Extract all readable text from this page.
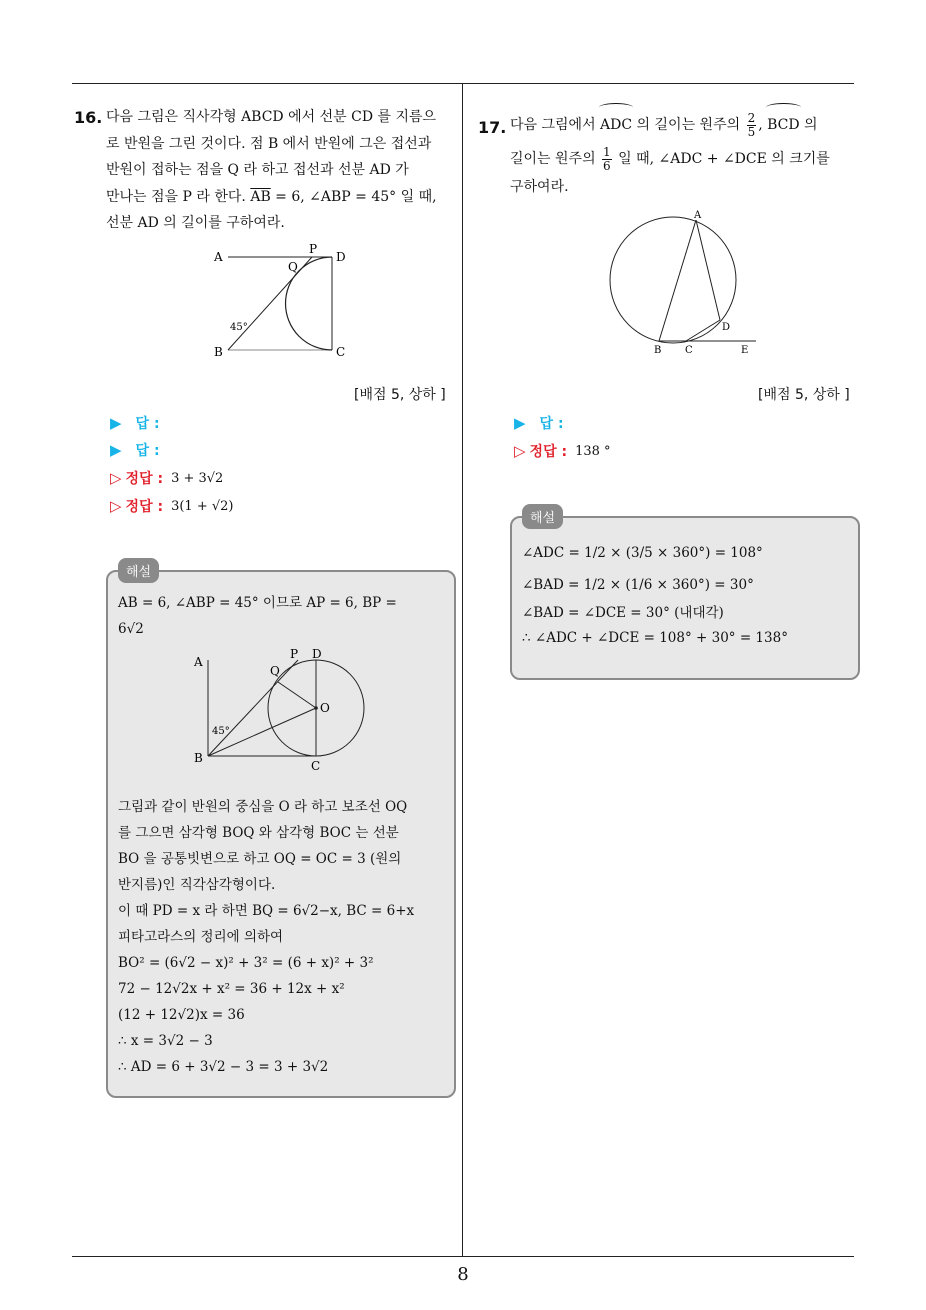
16. 다음 그림은 직사각형 ABCD 에서 선분 CD 를 지름으
로 반원을 그린 것이다. 점 B 에서 반원에 그은 접선과
반원이 접하는 점을 Q 라 하고 접선과 선분 AD 가
만나는 점을 P 라 한다. $\overline{AB} = 6$, ∠ABP = 45° 일 때,
선분 AD 의 길이를 구하여라.
A
P
D
Q
45°
B	C
[배점 5, 상하 ]
▶ 답 :
▶ 답 :
▷ 정답 : 3 + 3√2
▷ 정답 : 3(1 + √2)
해설
AB = 6, ∠ABP = 45° 이므로 AP = 6, BP =
6√2
A
P D
Q
O
45°
B
C
그림과 같이 반원의 중심을 O 라 하고 보조선 OQ
를 그으면 삼각형 BOQ 와 삼각형 BOC 는 선분
BO 을 공통빗변으로 하고 OQ = OC = 3 (원의
반지름)인 직각삼각형이다.
이 때 PD = x 라 하면 BQ = 6√2−x, BC = 6+x
피타고라스의 정리에 의하여
BO² = (6√2 − x)² + 3² = (6 + x)² + 3²
72 − 12√2x + x² = 36 + 12x + x²
(12 + 12√2)x = 36
∴ x = 3√2 − 3
∴ AD = 6 + 3√2 − 3 = 3 + 3√2
17. 다음 그림에서 ADC 의 길이는 원주의 $\frac{2}{5}$ , BCD 의
길이는 원주의 $\frac{1}{6}$ 일 때, ∠ADC + ∠DCE 의 크기를
구하여라.
A
B C
D
E
[배점 5, 상하 ]
▶ 답 :
▷ 정답 : 138 °
해설
∠ADC = 1/2 × (3/5 × 360°) = 108°
∠BAD = 1/2 × (1/6 × 360°) = 30°
∠BAD = ∠DCE = 30° (내대각)
∴ ∠ADC + ∠DCE = 108° + 30° = 138°
8
